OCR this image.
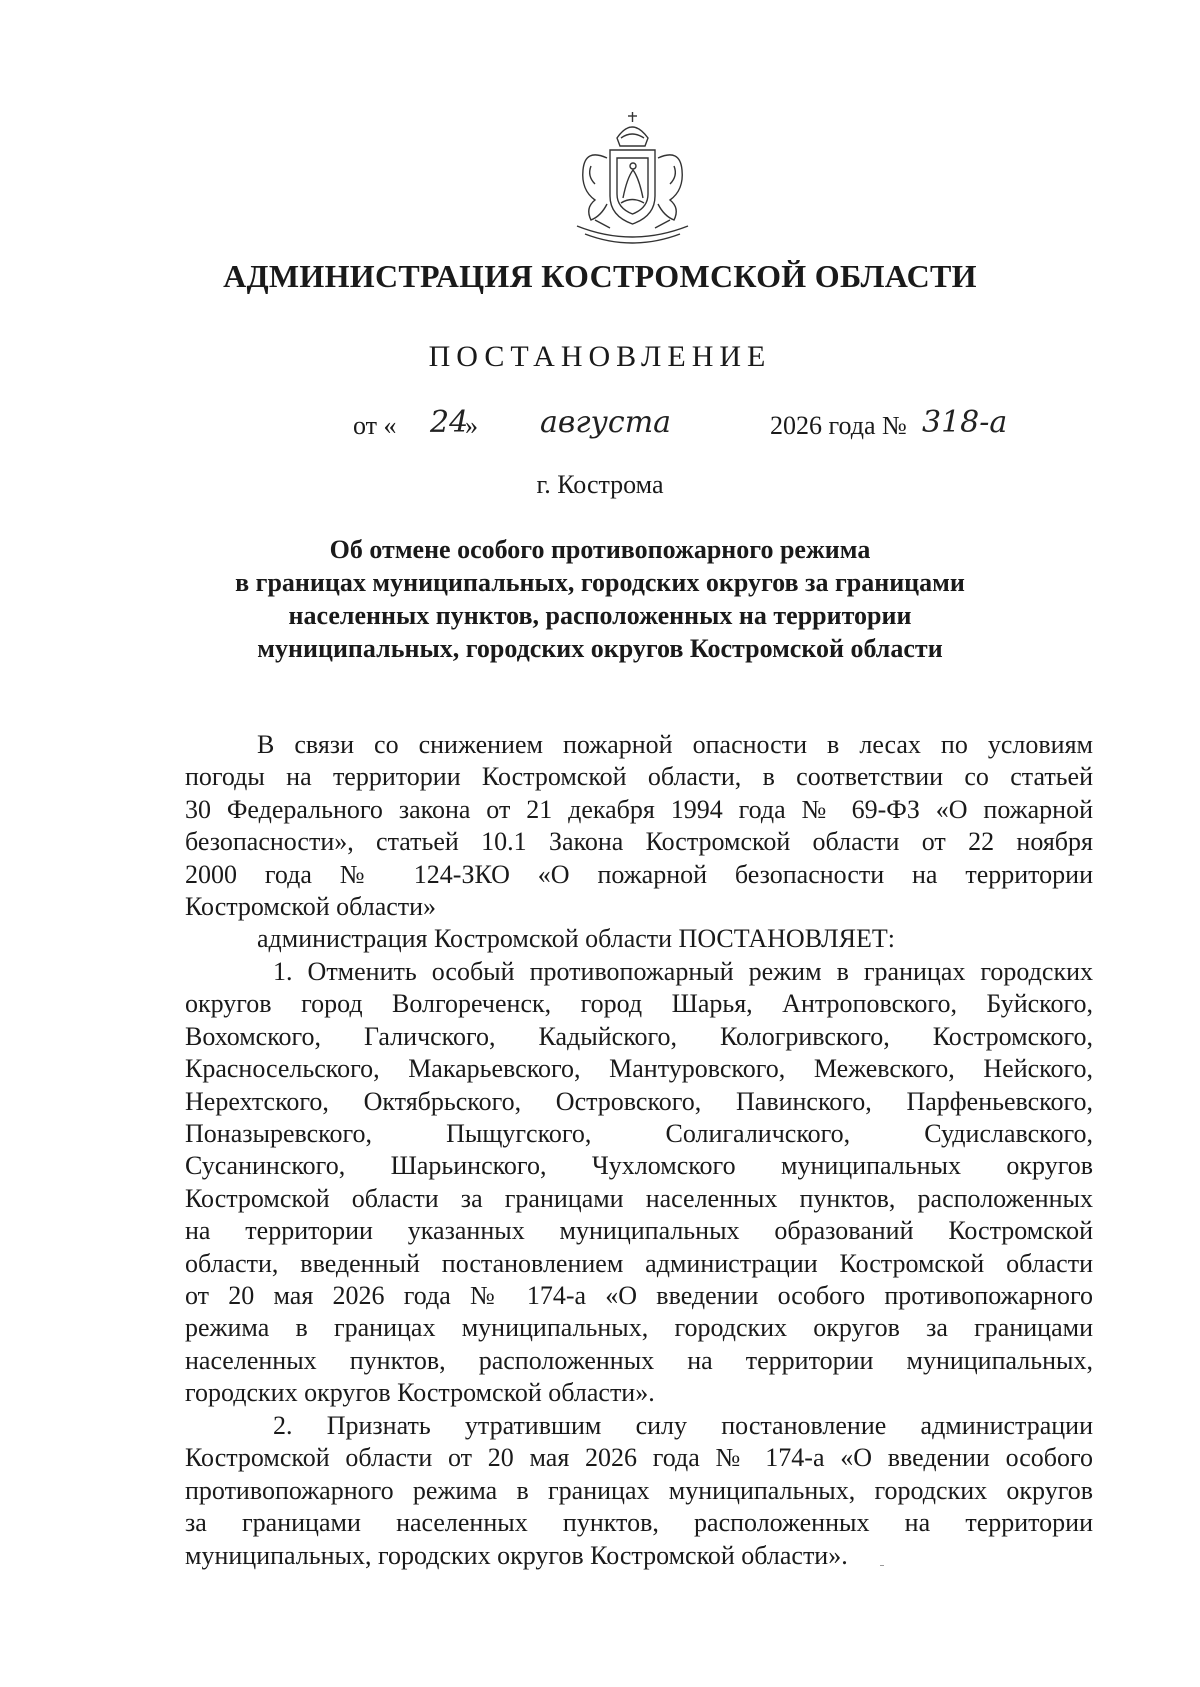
АДМИНИСТРАЦИЯ КОСТРОМСКОЙ ОБЛАСТИ
ПОСТАНОВЛЕНИЕ
от « 24
» августа	2026 года № 318-а
г. Кострома
Об отмене особого противопожарного режима
в границах муниципальных, городских округов за границами
населенных пунктов, расположенных на территории
муниципальных, городских округов Костромской области
В связи со снижением пожарной опасности в лесах по условиям
погоды на территории Костромской области, в соответствии со статьей
30 Федерального закона от 21 декабря 1994 года № 69-ФЗ «О пожарной
безопасности», статьей 10.1 Закона Костромской области от 22 ноября
2000 года № 124-ЗКО «О пожарной безопасности на территории
Костромской области»
администрация Костромской области ПОСТАНОВЛЯЕТ:
1. Отменить особый противопожарный режим в границах городских
округов город Волгореченск, город Шарья, Антроповского, Буйского,
Вохомского, Галичского, Кадыйского, Кологривского, Костромского,
Красносельского, Макарьевского, Мантуровского, Межевского, Нейского,
Нерехтского, Октябрьского, Островского, Павинского, Парфеньевского,
Поназыревского, Пыщугского, Солигаличского, Судиславского,
Сусанинского, Шарьинского, Чухломского муниципальных округов
Костромской области за границами населенных пунктов, расположенных
на территории указанных муниципальных образований Костромской
области, введенный постановлением администрации Костромской области
от 20 мая 2026 года № 174-а «О введении особого противопожарного
режима в границах муниципальных, городских округов за границами
населенных пунктов, расположенных на территории муниципальных,
городских округов Костромской области».
2. Признать утратившим силу постановление администрации
Костромской области от 20 мая 2026 года № 174-а «О введении особого
противопожарного режима в границах муниципальных, городских округов
за границами населенных пунктов, расположенных на территории
муниципальных, городских округов Костромской области».
